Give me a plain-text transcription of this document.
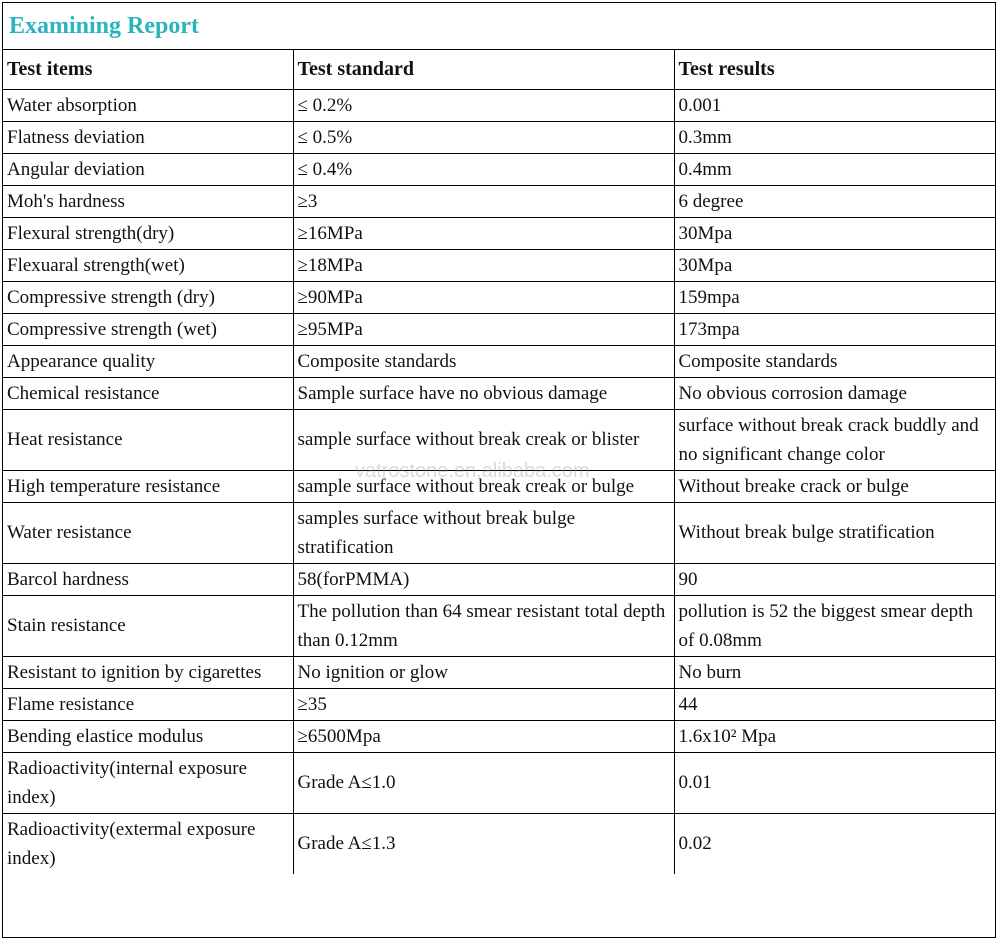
Examining Report
Test items	Test standard	Test results
Water absorption	≤ 0.2%	0.001
Flatness deviation	≤ 0.5%	0.3mm
Angular deviation	≤ 0.4%	0.4mm
Moh's hardness	≥3	6 degree
Flexural strength(dry)	≥16MPa	30Mpa
Flexuaral strength(wet)	≥18MPa	30Mpa
Compressive strength (dry)	≥90MPa	159mpa
Compressive strength (wet)	≥95MPa	173mpa
Appearance quality	Composite standards	Composite standards
Chemical resistance	Sample surface have no obvious damage	No obvious corrosion damage
Heat resistance	sample surface without break creak or blister	surface without break crack buddly and no significant change color
High temperature resistance	sample surface without break creak or bulge	Without breake crack or bulge
Water resistance	samples surface without break bulge stratification	Without break bulge stratification
Barcol hardness	58(forPMMA)	90
Stain resistance	The pollution than 64 smear resistant total depth than 0.12mm	pollution is 52 the biggest smear depth of 0.08mm
Resistant to ignition by cigarettes	No ignition or glow	No burn
Flame resistance	≥35	44
Bending elastice modulus	≥6500Mpa	1.6x10² Mpa
Radioactivity(internal exposure index)	Grade A≤1.0	0.01
Radioactivity(extermal exposure index)	Grade A≤1.3	0.02
vatrostone.en.alibaba.com
